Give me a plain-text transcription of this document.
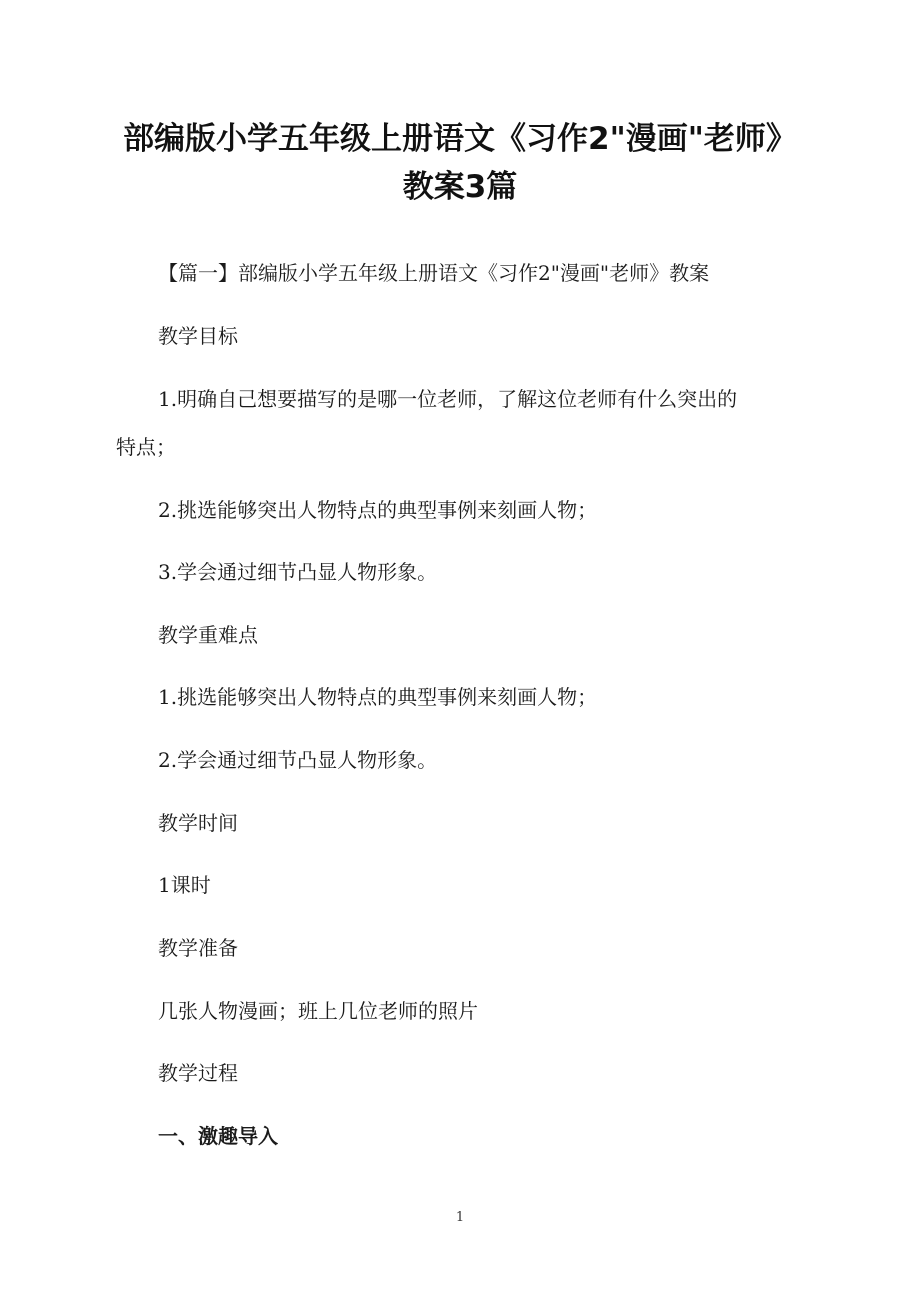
部编版小学五年级上册语文《习作2"漫画"老师》
教案3篇
【篇一】部编版小学五年级上册语文《习作2"漫画"老师》教案
教学目标
1.明确自己想要描写的是哪一位老师，了解这位老师有什么突出的
特点；
2.挑选能够突出人物特点的典型事例来刻画人物；
3.学会通过细节凸显人物形象。
教学重难点
1.挑选能够突出人物特点的典型事例来刻画人物；
2.学会通过细节凸显人物形象。
教学时间
1课时
教学准备
几张人物漫画；班上几位老师的照片
教学过程
一、激趣导入
1
